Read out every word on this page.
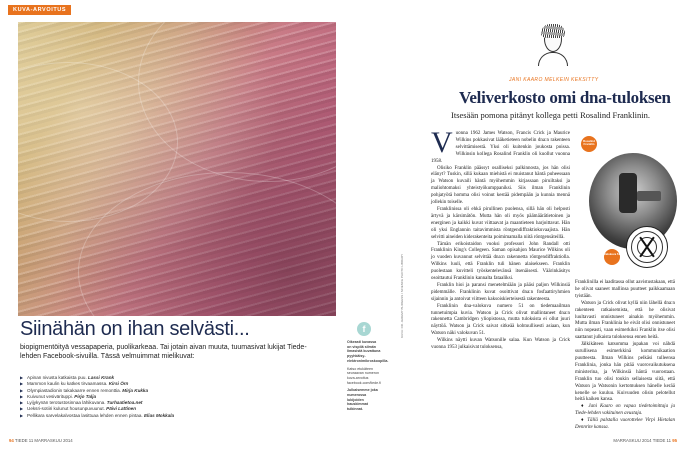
KUVA-ARVOITUS
Siinähän on ihan selvästi...
biopigmentöityä vessapaperia, puolikarkeaa. Tai jotain aivan muuta, tuumasivat lukijat Tiede-lehden Facebook-sivuilla. Tässä velmuimmat mielikuvat:
▶ Apinan nivusta katkaista puu. Lassi Krank
▶ Mammon kaulin ku katkes tirvaamassa. Kirsi Örn
▶ Olympiastadionin takakaarre ennen remonttia. Mirja Kukka
▶ Kuivunut vesivärituppi. Pirjo Talja
▶ Lyijykynän terotustosinnaa lähikuvana. Turhaatietoa.net
▶ Ueksri-sotiiri kulunut housunpuvuunut. Päivi Lattinen
▶ Pellikara sarvelakalvostaa lasittuaa lehden ennen pintaa. Elias Mokkala
94 TIEDE 11 MARRASKUU 2014
f
Oikeasti kuvassa on vispilä silmän limasistä kuvattuna pyyhkäisy-elektronimikroskoopilla.
Katso etukäteen seuraavan numeron kuva-arvoitus facebook.com/tiede.fi
Julkaisemme joka numerossa lukijoiden hauskimmat tulkinnat.
KUVA: DR. JEREMY BURGESS / SCIENCE PHOTO LIBRARY
JANI KAARO MELKEIN KEKSITTY
Veliverkosto omi dna-tuloksen
Itsesään pomona pitänyt kollega petti Rosalind Franklinin.
V uonna 1962 James Watson, Francis Crick ja Maurice Wilkins pokkasivat lääketieteen nobelin dna:n rakenteen selvittämisestä. Yksi oli kuitenkin joukosta poissa. Wilkinsin kollega Rosalind Franklin oli kuollut vuonna 1958.

Olisiko Franklin päässyt osalliseksi palkinnosta, jos hän olisi elänyt? Tuskin, sillä kukaan miehistä ei muistanut häntä puheessaan ja Watson kuvaili häntä myöhemmin kirjassaan piruiltaksi ja maliohtomaksi yhteistyökumppaniksi. Siis ilman Franklinin pohjatyötä homma olisi voinut kestää pidempään ja kunnia mennä jollekin toiselle.

Franklinissa oli ehkä pirullinen puolensa, sillä hän oli helposti ärtyvä ja kärsimätön. Mutta hän oli myös päämäärätietoinen ja energinen ja kaikki kuvat viittaavat ja maantieteen harjoittavat. Hän oli yksi Englannin taitavimmista röntgendiffraktiokuvaajista. Hän selvitti aineiden kiderakenteita poimimamalla niitä röntgensäteillä.

Tämän erikoistaidon vuoksi professori John Randall otti Franklinin King's Collegeen. Saman opisahjon Maurice Wilkins oli jo vuoden kuvannut selvittää dna:n rakennetta röntgendiffraktiolla. Wilkins luuli, että Franklin tuli hänen alaisekseen. Franklin puolestaan kuvitteli työskentelevänsä itsenäisesti. Väärinkäsitys osoittautui Franklinin kannalta fataaliksi.

Franklin hioi ja paransi menetelmiään ja pääsi paljon Wilkinsiä pidemmälle. Franklinin kuvat osoittivat dna:n fosfaattiryhmien sijainnin ja antoivat viitteen kaksoiskierteisestä rakenteesta.

Franklinin dna-valokuva numero 51 on tiedemaailman tunnetuimpia kuvia. Watson ja Crick olivat mallintaneet dna:n rakennetta Cambridgen yliopistossa, mutta tuloksista ei ollut juuri näyttöä. Watson ja Crick saivat sitkeää kohtuullisesti asiaan, kun Watson näki valokuvan 51.

Wilkins näytti kuvan Watsonille salaa. Kun Watson ja Crick vuonna 1953 julkaisivat tuloksensa,

Rosalind Franklin
Valokuva 51

Franklinilla ei laaditassa ollut aavistustakaan, että he olivat saaneet mallinsa puutteet paikkaamaan tyistään.

Watson ja Crick olivat kyllä niin lähellä dna:n rakenteen ratkaisemista, että he olisivat luultavasti onnistuneet ainakin myöhemmin. Mutta ilman Franklinia he eivät olisi onnistuneet niin nopeasti, vaan esimerkiksi Franklin itse olisi saattanut julkaista tuloksensa ennen heitä.

Jälkikäteen katsomma jupakan voi nähdä surullisena esimerkkinä kommunikaation puutteesta. Ilman Wilkins pelkäsi tulleensa Franklinia, jonka hän pitää vuorovaikutuksena ministerina, ja Wilkinsiä häntä vuorostaan. Franklin tuo olisi toukin sellaisesta siitä, että Watson ja Watsonin kertomuksen hänelle kerää kenelle se kuuluu. Kuivuuden olisin pelotellut heitä kaiken kansa.

♦ Jani Kaaro on vapaa tiedetoimittaja ja Tiede-lehden vakituinen avustaja.

♦ Tällä palstalla vuorottelee Virpi Hietalan Dennrite kanssa.

MARRASKUU 2014 TIEDE 11 95
